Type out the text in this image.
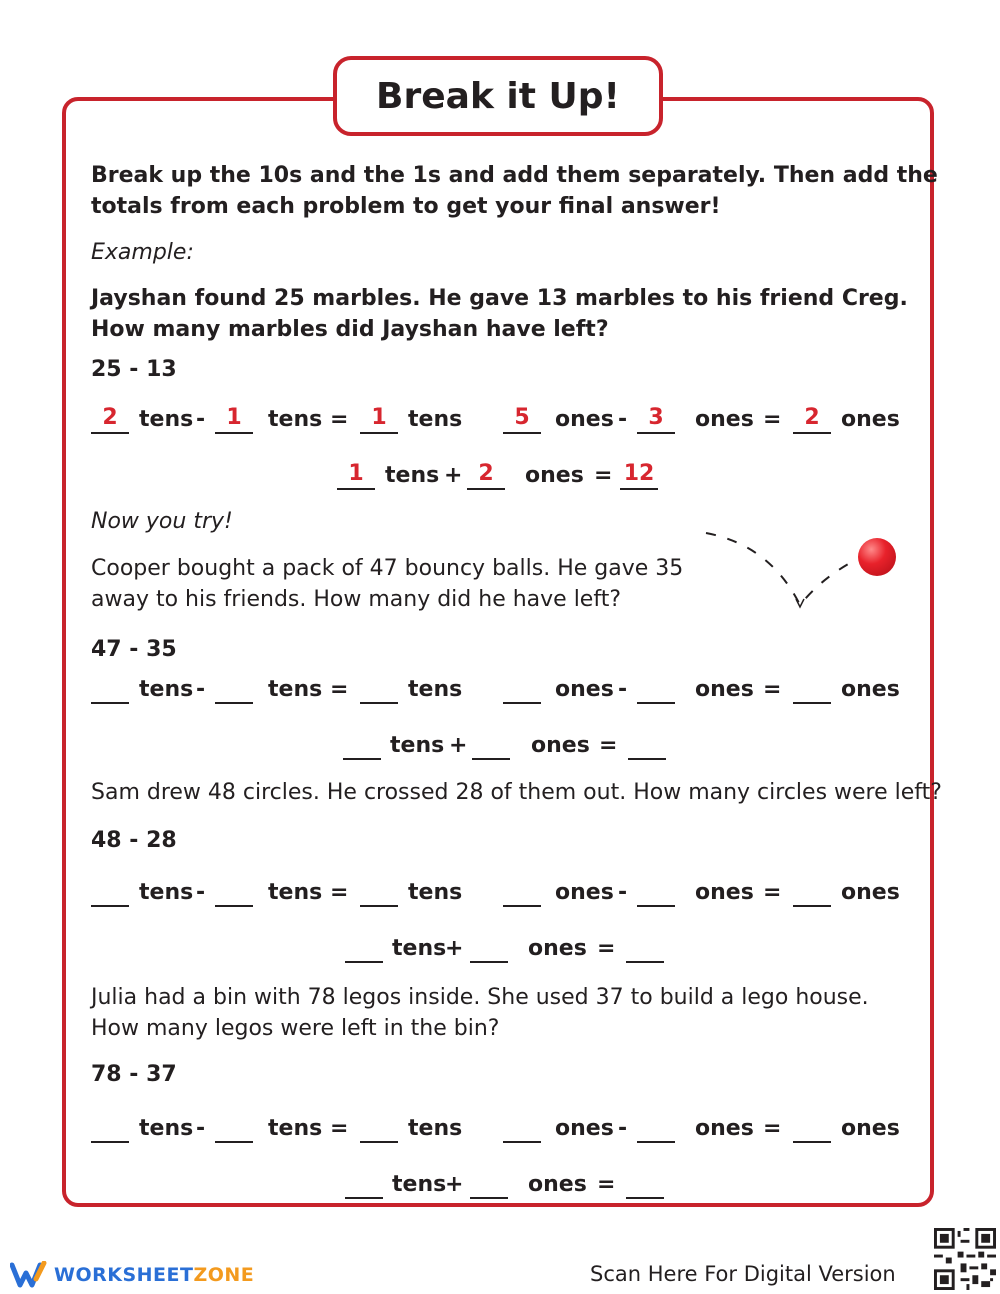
Break it Up!
Break up the 10s and the 1s and add them separately. Then add the
totals from each problem to get your final answer!
Example:
Jayshan found 25 marbles. He gave 13 marbles to his friend Creg.
How many marbles did Jayshan have left?
25 - 13
2 tens - 1	tens =	1 tens	5	ones - 3	ones =	2 ones
1 tens + 2	ones = 12
Now you try!
Cooper bought a pack of 47 bouncy balls. He gave 35
away to his friends. How many did he have left?
47 - 35
tens -	tens =	tens	ones -	ones =	ones
tens +	ones =
Sam drew 48 circles. He crossed 28 of them out. How many circles were left?
48 - 28
tens -	tens =	tens	ones -	ones =	ones
tens
+	ones =
Julia had a bin with 78 legos inside. She used 37 to build a lego house.
How many legos were left in the bin?
78 - 37
tens -	tens =	tens	ones -	ones =	ones
tens
+	ones =
WORKSHEETZONE	Scan Here For Digital Version
